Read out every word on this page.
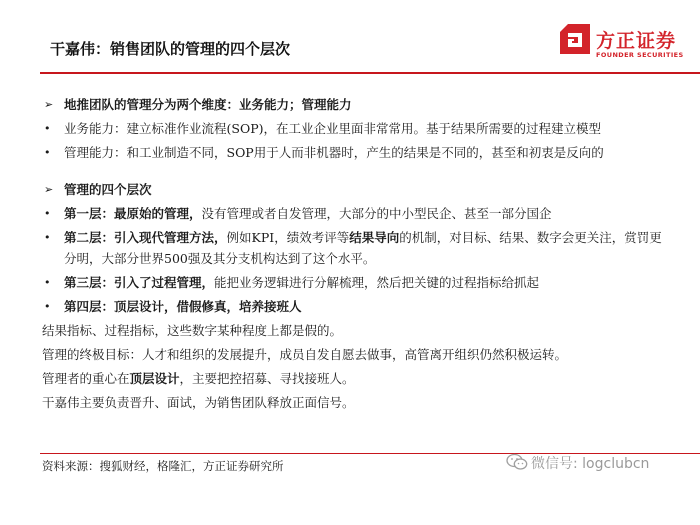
干嘉伟：销售团队的管理的四个层次	方正证券
FOUNDER SECURITIES
➢ 地推团队的管理分为两个维度：业务能力；管理能力
•	业务能力：建立标准作业流程(SOP)，在工业企业里面非常常用。基于结果所需要的过程建立模型
•	管理能力：和工业制造不同，SOP用于人而非机器时，产生的结果是不同的，甚至和初衷是反向的
➢ 管理的四个层次
•	第一层：最原始的管理，没有管理或者自发管理，大部分的中小型民企、甚至一部分国企
•	第二层：引入现代管理方法，例如KPI，绩效考评等结果导向的机制，对目标、结果、数字会更关注，赏罚更分明，大部分世界500强及其分支机构达到了这个水平。
•	第三层：引入了过程管理，能把业务逻辑进行分解梳理，然后把关键的过程指标给抓起
•	第四层：顶层设计，借假修真，培养接班人
结果指标、过程指标，这些数字某种程度上都是假的。
管理的终极目标：人才和组织的发展提升，成员自发自愿去做事，高管离开组织仍然积极运转。
管理者的重心在顶层设计，主要把控招募、寻找接班人。
干嘉伟主要负责晋升、面试，为销售团队释放正面信号。
资料来源：搜狐财经，格隆汇，方正证券研究所	微信号: logclubcn
